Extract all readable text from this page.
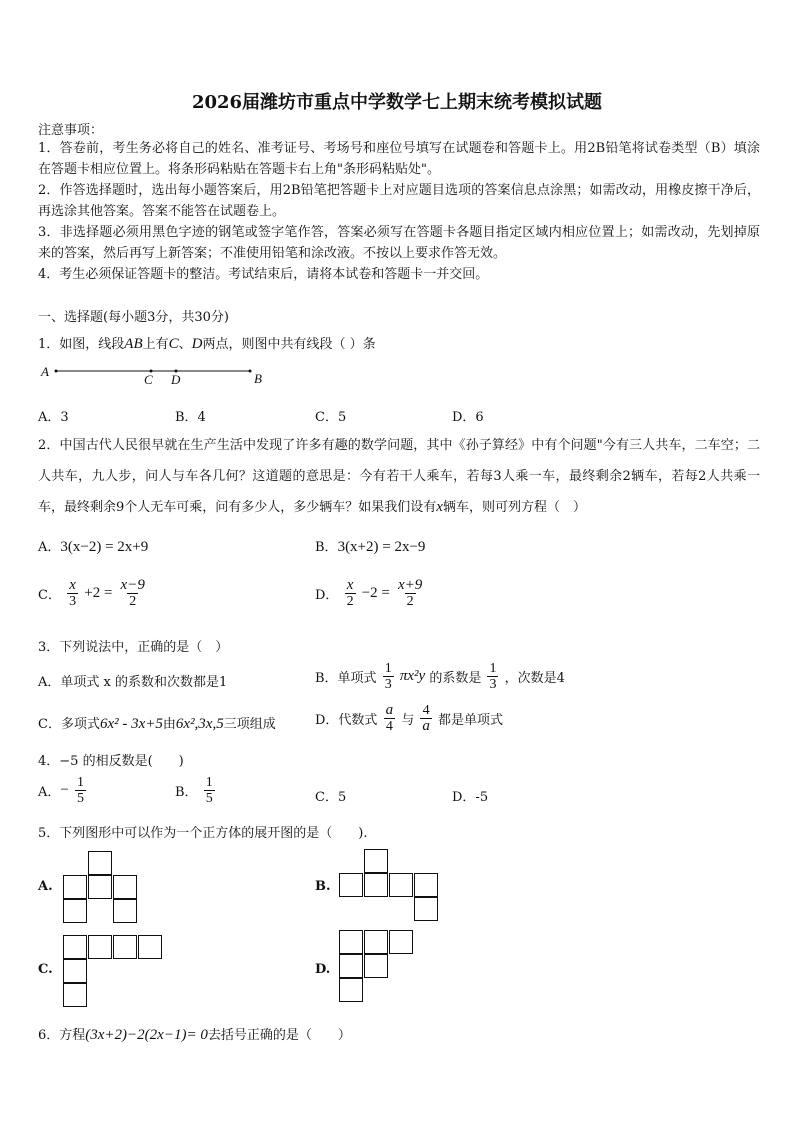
2026届潍坊市重点中学数学七上期末统考模拟试题
注意事项：
1．答卷前，考生务必将自己的姓名、准考证号、考场号和座位号填写在试题卷和答题卡上。用2B铅笔将试卷类型（B）填涂在答题卡相应位置上。将条形码粘贴在答题卡右上角"条形码粘贴处"。
2．作答选择题时，选出每小题答案后，用2B铅笔把答题卡上对应题目选项的答案信息点涂黑；如需改动，用橡皮擦干净后，再选涂其他答案。答案不能答在试题卷上。
3．非选择题必须用黑色字迹的钢笔或签字笔作答，答案必须写在答题卡各题目指定区域内相应位置上；如需改动，先划掉原来的答案，然后再写上新答案；不准使用铅笔和涂改液。不按以上要求作答无效。
4．考生必须保证答题卡的整洁。考试结束后，请将本试卷和答题卡一并交回。
一、选择题(每小题3分，共30分)
1．如图，线段AB上有C、D两点，则图中共有线段（ ）条
A
C D	B
A．3	B．4	C．5	D．6
2．中国古代人民很早就在生产生活中发现了许多有趣的数学问题，其中《孙子算经》中有个问题"今有三人共车，二车空；二人共车，九人步，问人与车各几何？这道题的意思是：今有若干人乘车，若每3人乘一车，最终剩余2辆车，若每2人共乘一车，最终剩余9个人无车可乘，问有多少人，多少辆车？如果我们设有x辆车，则可列方程（　）
A．3(x−2) = 2x+9	B．3(x+2) = 2x−9
C． $\frac{x}{3} +2 = \frac{x-9}{2}$	D． $\frac{x}{2} -2 = \frac{x+9}{2}$
3．下列说法中，正确的是（　）
A．单项式 x 的系数和次数都是1	B．单项式 $\frac{1}{3} \pi x^2y$ 的系数是 $\frac{1}{3}$ ，次数是4
C．多项式6x² - 3x+5由6x²,3x,5三项组成	D．代数式 $\frac{a}{4}$ 与 $\frac{4}{a}$ 都是单项式
4．−5 的相反数是(　　)
A．− $\frac{1}{5}$	B． $\frac{1}{5}$	C．5	D．-5
5．下列图形中可以作为一个正方体的展开图的是（　　).
A.	B.
C.	D.
6．方程(3x+2)−2(2x−1)= 0去括号正确的是（　　）
